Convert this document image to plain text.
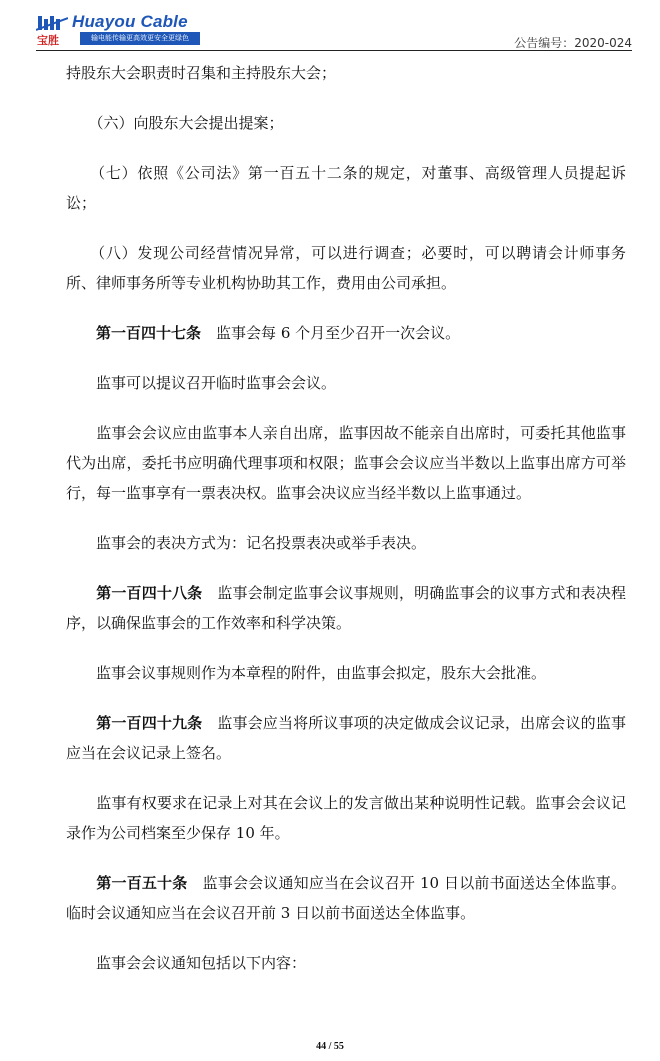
宝胜
Huayou Cable
输电能传输更高效更安全更绿色	公告编号：2020-024

持股东大会职责时召集和主持股东大会；

　　（六）向股东大会提出提案；

　　（七）依照《公司法》第一百五十二条的规定，对董事、高级管理人员提起诉讼；

　　（八）发现公司经营情况异常，可以进行调查；必要时，可以聘请会计师事务所、律师事务所等专业机构协助其工作，费用由公司承担。

　　第一百四十七条　 监事会每 6 个月至少召开一次会议。

　　监事可以提议召开临时监事会会议。

　　监事会会议应由监事本人亲自出席，监事因故不能亲自出席时，可委托其他监事代为出席，委托书应明确代理事项和权限；监事会会议应当半数以上监事出席方可举行，每一监事享有一票表决权。监事会决议应当经半数以上监事通过。

　　监事会的表决方式为：记名投票表决或举手表决。

　　第一百四十八条　 监事会制定监事会议事规则，明确监事会的议事方式和表决程序，以确保监事会的工作效率和科学决策。

　　监事会议事规则作为本章程的附件，由监事会拟定，股东大会批准。

　　第一百四十九条　 监事会应当将所议事项的决定做成会议记录，出席会议的监事应当在会议记录上签名。

　　监事有权要求在记录上对其在会议上的发言做出某种说明性记载。监事会会议记录作为公司档案至少保存 10 年。

　　第一百五十条　 监事会会议通知应当在会议召开 10 日以前书面送达全体监事。临时会议通知应当在会议召开前 3 日以前书面送达全体监事。

　　监事会会议通知包括以下内容：

44 / 55
